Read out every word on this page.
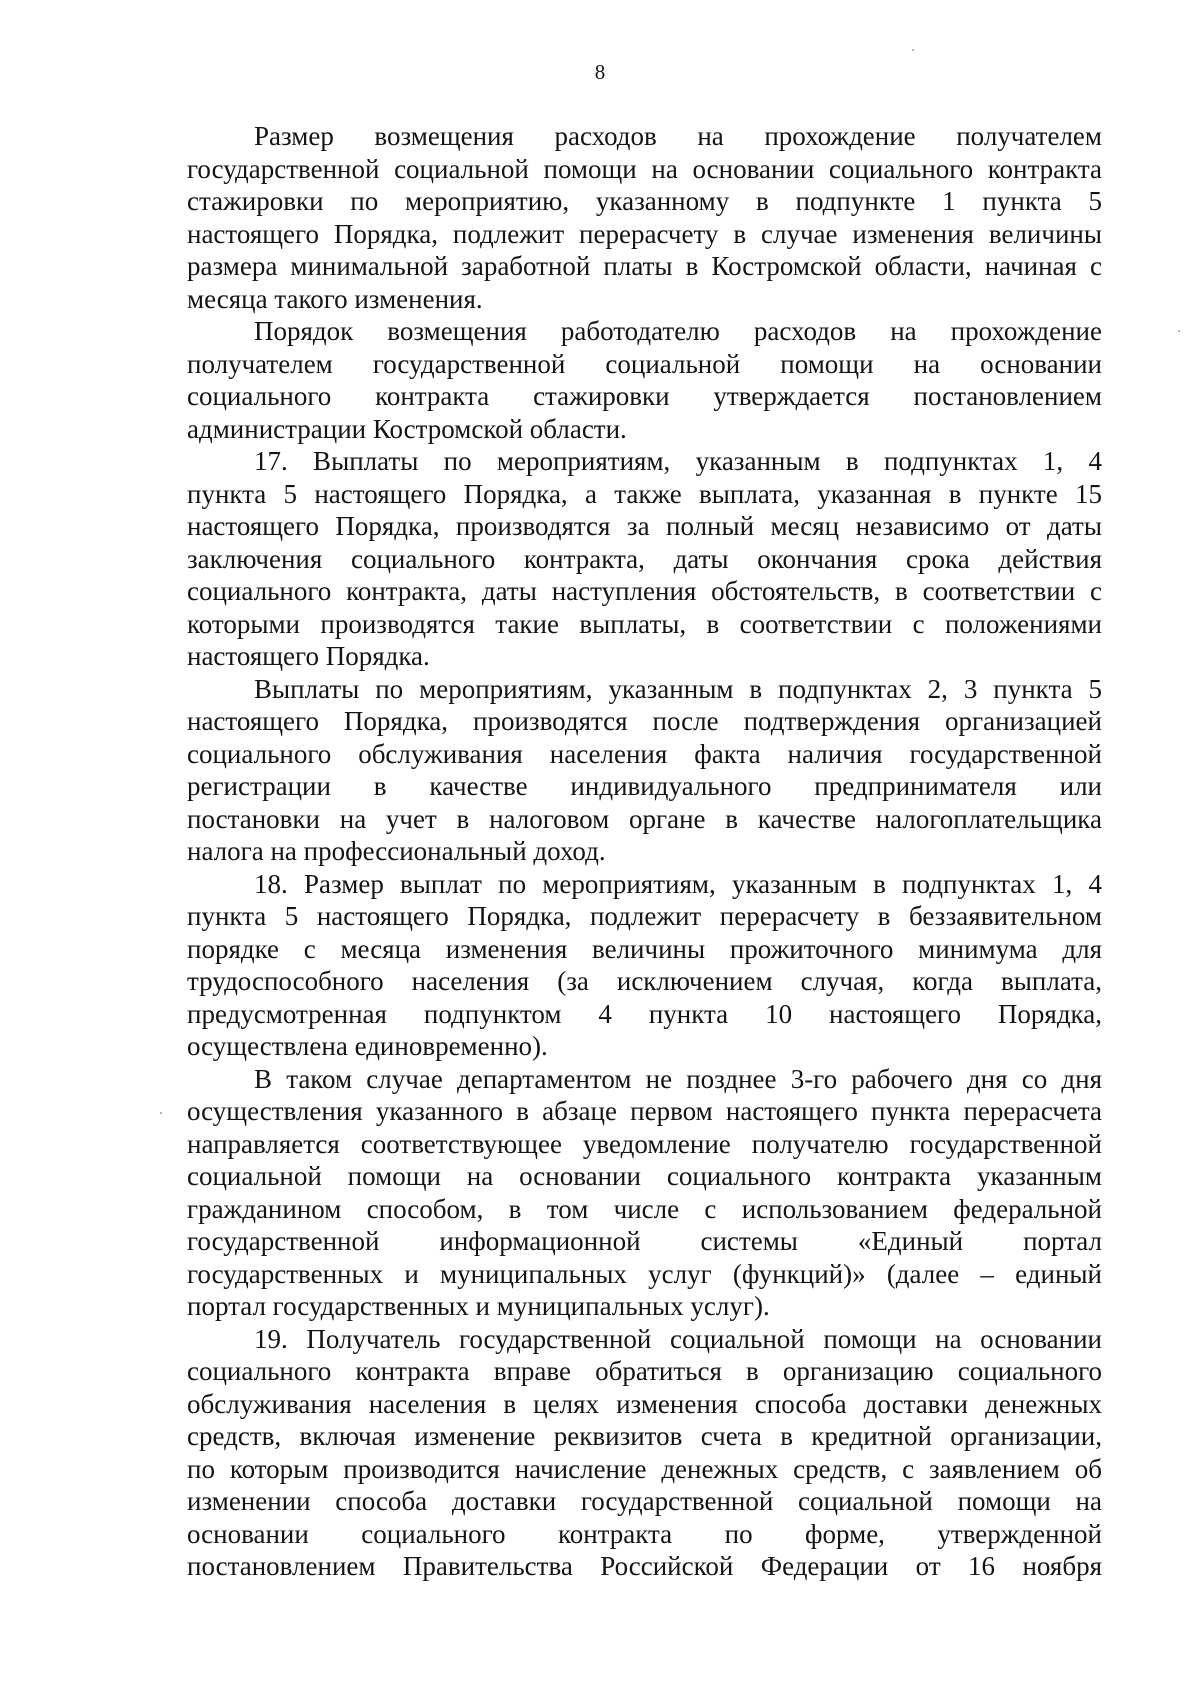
8
Размер возмещения расходов на прохождение получателем
государственной социальной помощи на основании социального контракта
стажировки по мероприятию, указанному в подпункте 1 пункта 5
настоящего Порядка, подлежит перерасчету в случае изменения величины
размера минимальной заработной платы в Костромской области, начиная с
месяца такого изменения.
Порядок возмещения работодателю расходов на прохождение
получателем государственной социальной помощи на основании
социального контракта стажировки утверждается постановлением
администрации Костромской области.
17. Выплаты по мероприятиям, указанным в подпунктах 1, 4
пункта 5 настоящего Порядка, а также выплата, указанная в пункте 15
настоящего Порядка, производятся за полный месяц независимо от даты
заключения социального контракта, даты окончания срока действия
социального контракта, даты наступления обстоятельств, в соответствии с
которыми производятся такие выплаты, в соответствии с положениями
настоящего Порядка.
Выплаты по мероприятиям, указанным в подпунктах 2, 3 пункта 5
настоящего Порядка, производятся после подтверждения организацией
социального обслуживания населения факта наличия государственной
регистрации в качестве индивидуального предпринимателя или
постановки на учет в налоговом органе в качестве налогоплательщика
налога на профессиональный доход.
18. Размер выплат по мероприятиям, указанным в подпунктах 1, 4
пункта 5 настоящего Порядка, подлежит перерасчету в беззаявительном
порядке с месяца изменения величины прожиточного минимума для
трудоспособного населения (за исключением случая, когда выплата,
предусмотренная подпунктом 4 пункта 10 настоящего Порядка,
осуществлена единовременно).
В таком случае департаментом не позднее 3-го рабочего дня со дня
осуществления указанного в абзаце первом настоящего пункта перерасчета
направляется соответствующее уведомление получателю государственной
социальной помощи на основании социального контракта указанным
гражданином способом, в том числе с использованием федеральной
государственной информационной системы «Единый портал
государственных и муниципальных услуг (функций)» (далее – единый
портал государственных и муниципальных услуг).
19. Получатель государственной социальной помощи на основании
социального контракта вправе обратиться в организацию социального
обслуживания населения в целях изменения способа доставки денежных
средств, включая изменение реквизитов счета в кредитной организации,
по которым производится начисление денежных средств, с заявлением об
изменении способа доставки государственной социальной помощи на
основании социального контракта по форме, утвержденной
постановлением Правительства Российской Федерации от 16 ноября
